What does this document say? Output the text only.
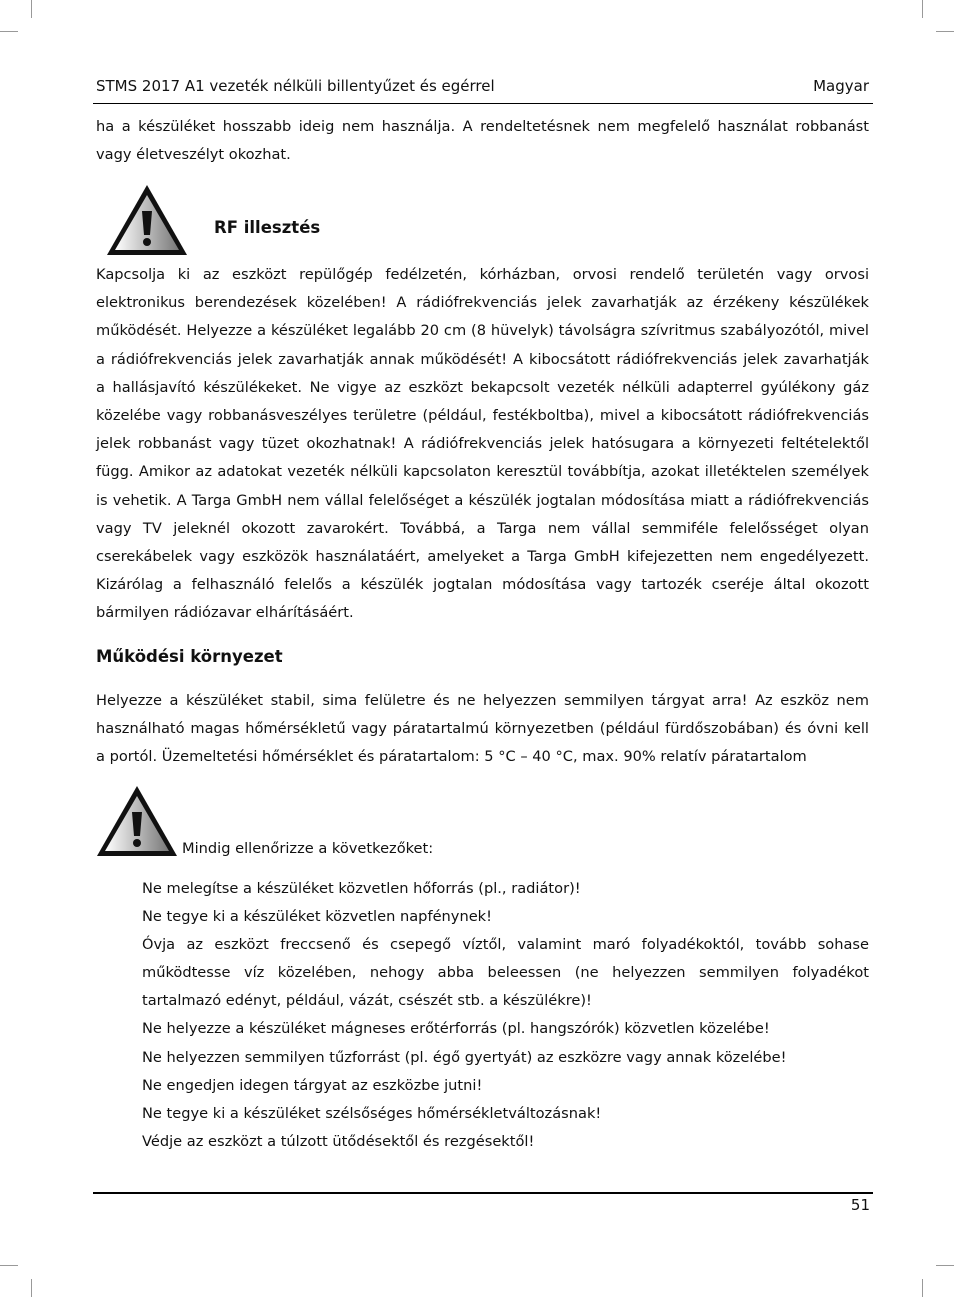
STMS 2017 A1 vezeték nélküli billentyűzet és egérrel	Magyar

ha a készüléket hosszabb ideig nem használja. A rendeltetésnek nem megfelelő használat robbanást vagy életveszélyt okozhat.

RF illesztés

Kapcsolja ki az eszközt repülőgép fedélzetén, kórházban, orvosi rendelő területén vagy orvosi elektronikus berendezések közelében! A rádiófrekvenciás jelek zavarhatják az érzékeny készülékek működését. Helyezze a készüléket legalább 20 cm (8 hüvelyk) távolságra szívritmus szabályozótól, mivel a rádiófrekvenciás jelek zavarhatják annak működését! A kibocsátott rádiófrekvenciás jelek zavarhatják a hallásjavító készülékeket. Ne vigye az eszközt bekapcsolt vezeték nélküli adapterrel gyúlékony gáz közelébe vagy robbanásveszélyes területre (például, festékboltba), mivel a kibocsátott rádiófrekvenciás jelek robbanást vagy tüzet okozhatnak! A rádiófrekvenciás jelek hatósugara a környezeti feltételektől függ. Amikor az adatokat vezeték nélküli kapcsolaton keresztül továbbítja, azokat illetéktelen személyek is vehetik. A Targa GmbH nem vállal felelőséget a készülék jogtalan módosítása miatt a rádiófrekvenciás vagy TV jeleknél okozott zavarokért. Továbbá, a Targa nem vállal semmiféle felelősséget olyan cserekábelek vagy eszközök használatáért, amelyeket a Targa GmbH kifejezetten nem engedélyezett. Kizárólag a felhasználó felelős a készülék jogtalan módosítása vagy tartozék cseréje által okozott bármilyen rádiózavar elhárításáért.

Működési környezet

Helyezze a készüléket stabil, sima felületre és ne helyezzen semmilyen tárgyat arra! Az eszköz nem használható magas hőmérsékletű vagy páratartalmú környezetben (például fürdőszobában) és óvni kell a portól. Üzemeltetési hőmérséklet és páratartalom: 5 °C – 40 °C, max. 90% relatív páratartalom

Mindig ellenőrizze a következőket:
Ne melegítse a készüléket közvetlen hőforrás (pl., radiátor)!
Ne tegye ki a készüléket közvetlen napfénynek!
Óvja az eszközt freccsenő és csepegő víztől, valamint maró folyadékoktól, tovább sohase működtesse víz közelében, nehogy abba beleessen (ne helyezzen semmilyen folyadékot tartalmazó edényt, például, vázát, csészét stb. a készülékre)!
Ne helyezze a készüléket mágneses erőtérforrás (pl. hangszórók) közvetlen közelébe!
Ne helyezzen semmilyen tűzforrást (pl. égő gyertyát) az eszközre vagy annak közelébe!
Ne engedjen idegen tárgyat az eszközbe jutni!
Ne tegye ki a készüléket szélsőséges hőmérsékletváltozásnak!
Védje az eszközt a túlzott ütődésektől és rezgésektől!
51
